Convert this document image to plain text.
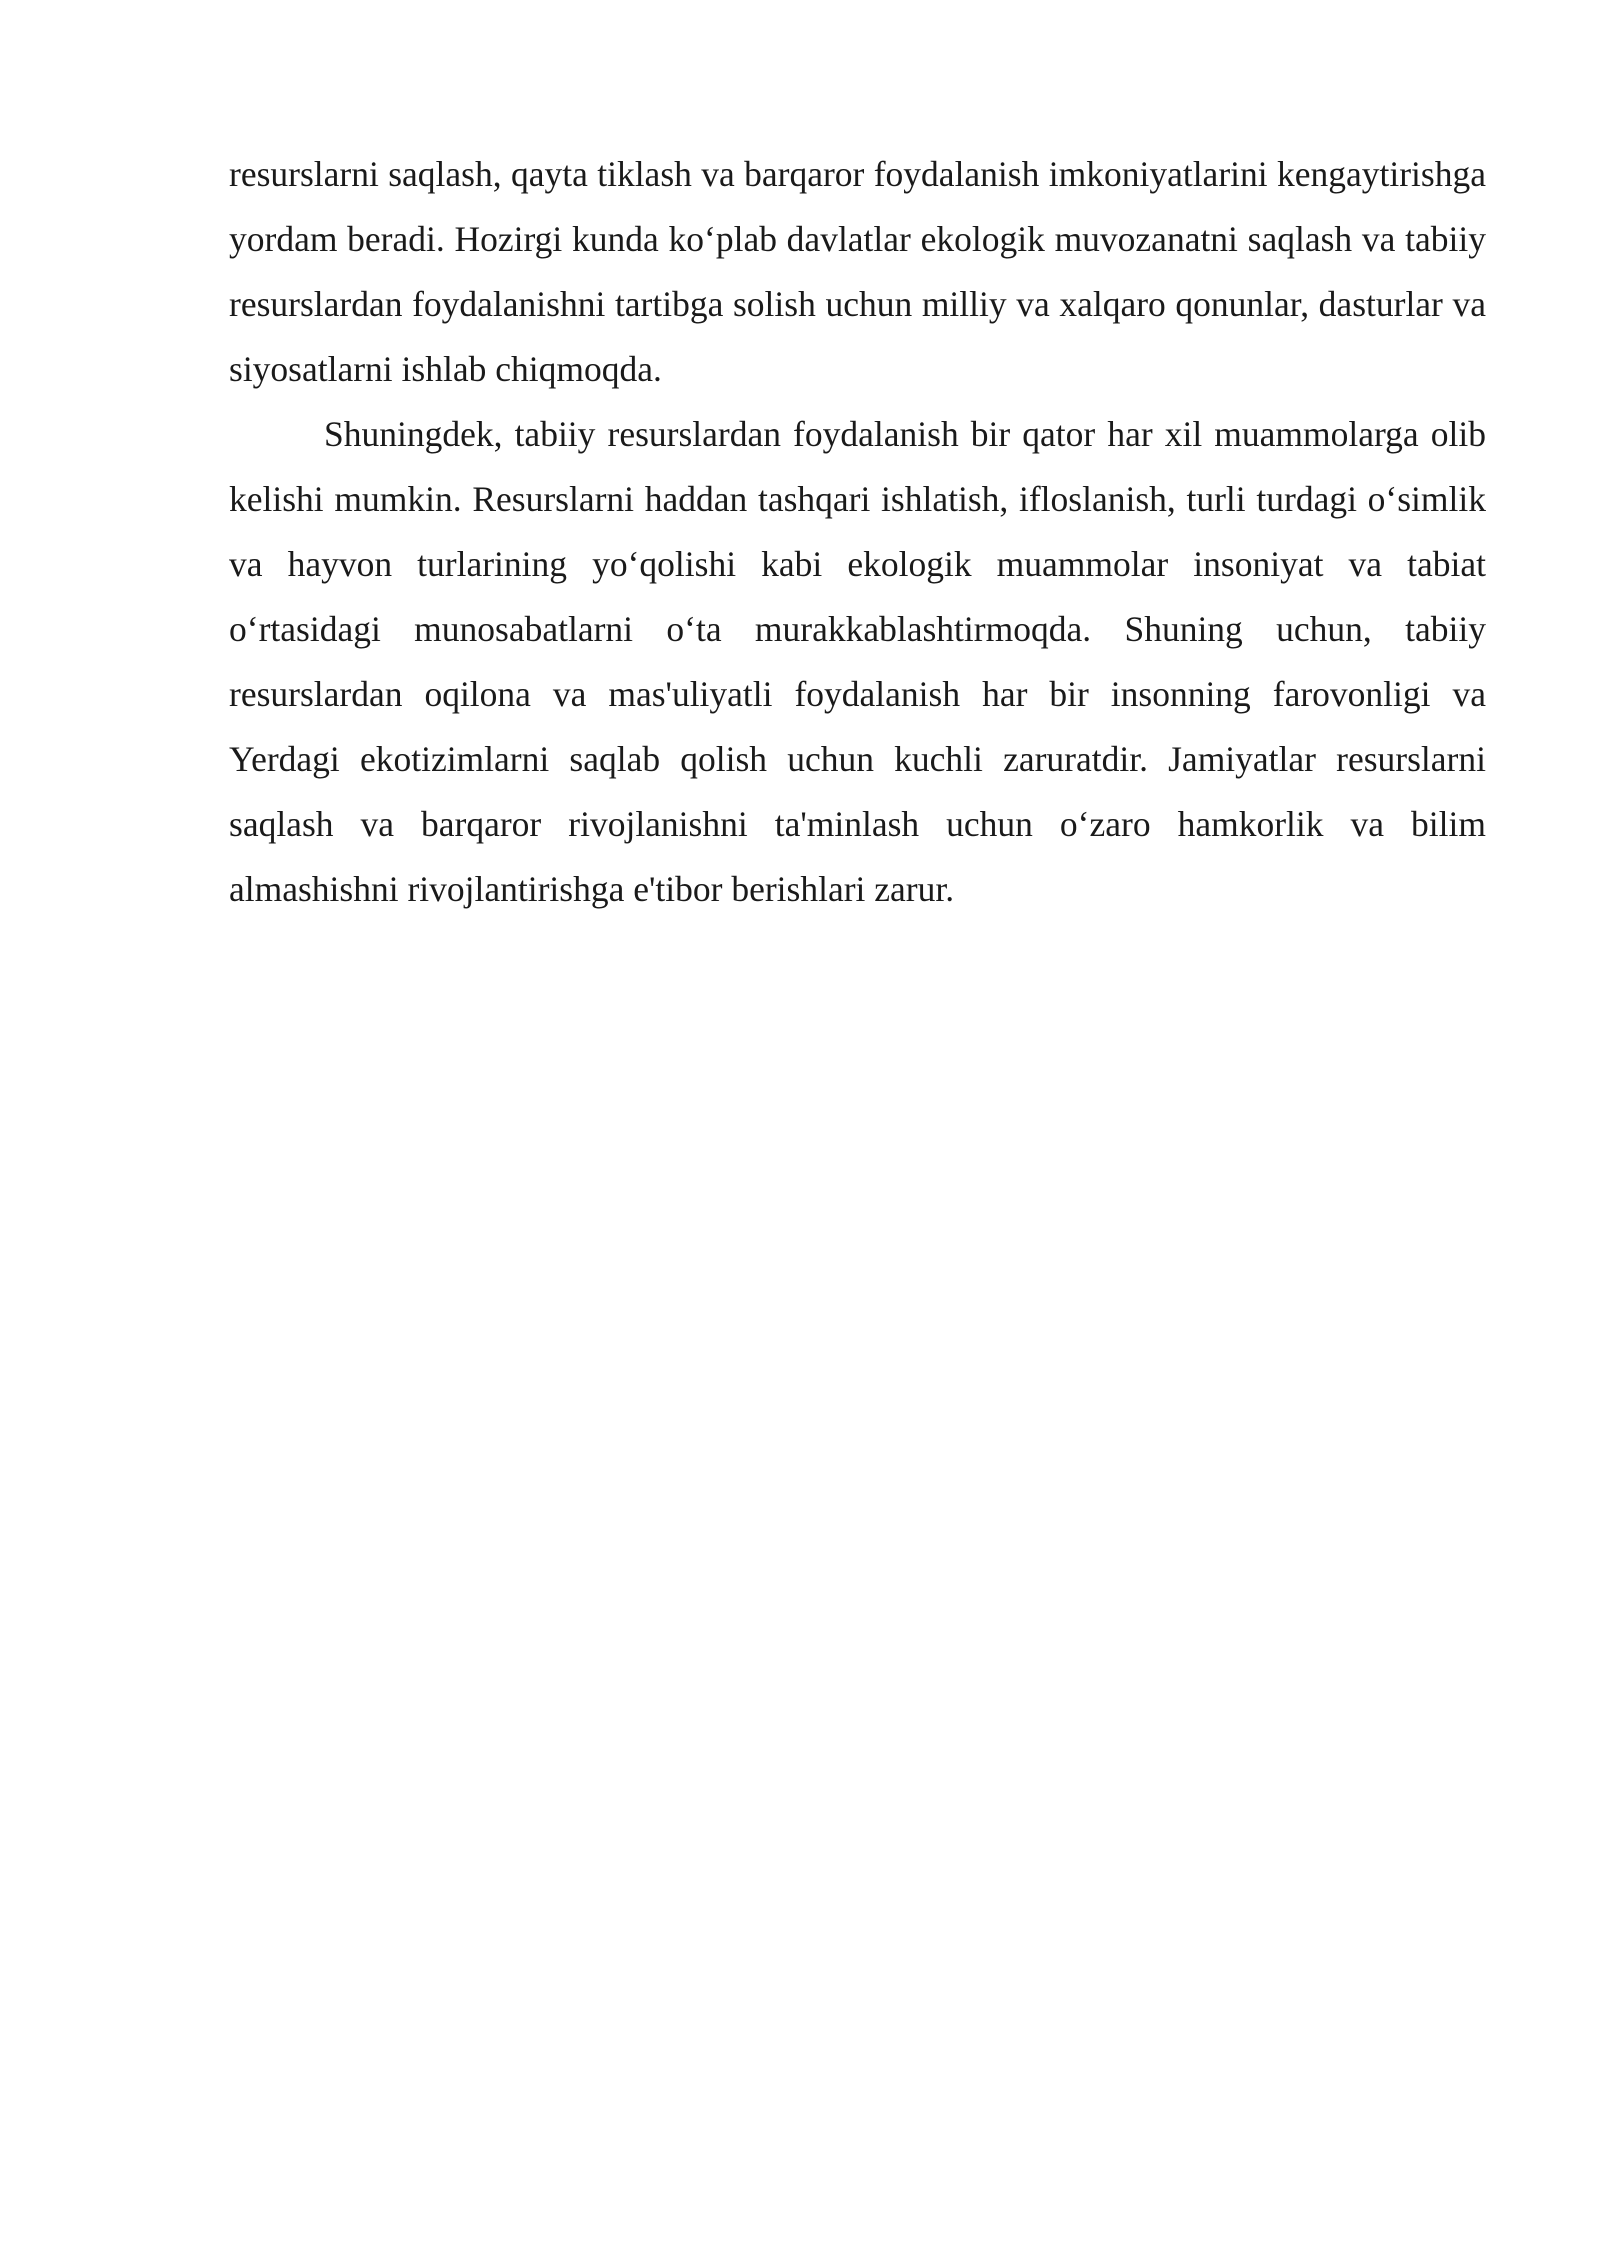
resurslarni saqlash, qayta tiklash va barqaror foydalanish imkoniyatlarini kengaytirishga yordam beradi. Hozirgi kunda ko‘plab davlatlar ekologik muvozanatni saqlash va tabiiy resurslardan foydalanishni tartibga solish uchun milliy va xalqaro qonunlar, dasturlar va siyosatlarni ishlab chiqmoqda.

Shuningdek, tabiiy resurslardan foydalanish bir qator har xil muammolarga olib kelishi mumkin. Resurslarni haddan tashqari ishlatish, ifloslanish, turli turdagi o‘simlik va hayvon turlarining yo‘qolishi kabi ekologik muammolar insoniyat va tabiat o‘rtasidagi munosabatlarni o‘ta murakkablashtirmoqda. Shuning uchun, tabiiy resurslardan oqilona va mas'uliyatli foydalanish har bir insonning farovonligi va Yerdagi ekotizimlarni saqlab qolish uchun kuchli zaruratdir. Jamiyatlar resurslarni saqlash va barqaror rivojlanishni ta'minlash uchun o‘zaro hamkorlik va bilim almashishni rivojlantirishga e'tibor berishlari zarur.
